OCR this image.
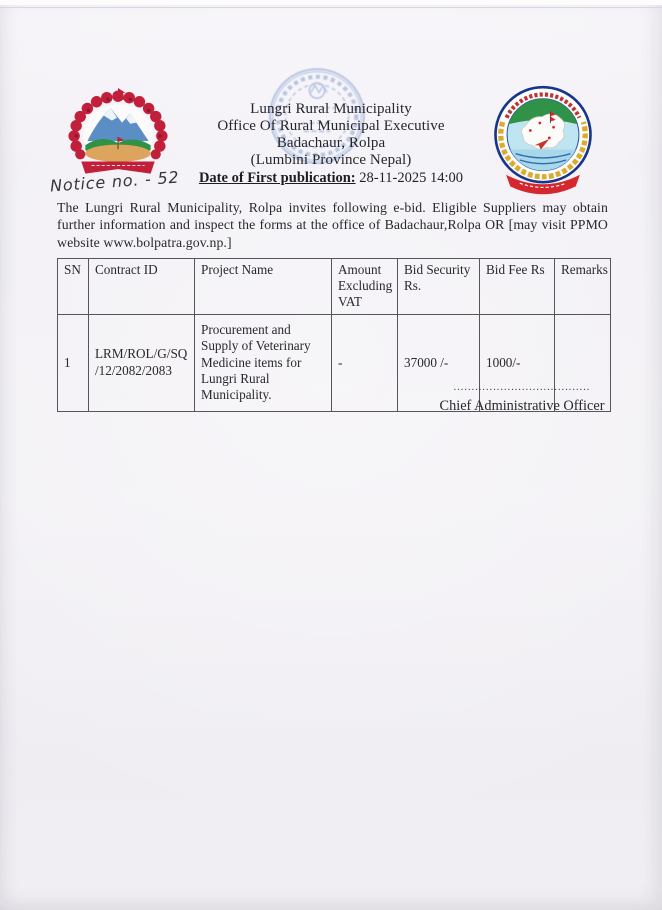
Lungri Rural Municipality
Office Of Rural Municipal Executive
Badachaur, Rolpa
(Lumbini Province Nepal)
Date of First publication: 28-11-2025 14:00
Notice no. - 52
The Lungri Rural Municipality, Rolpa invites following e-bid. Eligible Suppliers may obtain further information and inspect the forms at the office of Badachaur,Rolpa OR [may visit PPMO website www.bolpatra.gov.np.]
SN	Contract ID	Project Name	Amount Excluding VAT	Bid Security Rs.	Bid Fee Rs	Remarks
1	LRM/ROL/G/SQ /12/2082/2083	Procurement and Supply of Veterinary Medicine items for Lungri Rural Municipality.	-	37000 /-	1000/-	
......................................
Chief Administrative Officer
